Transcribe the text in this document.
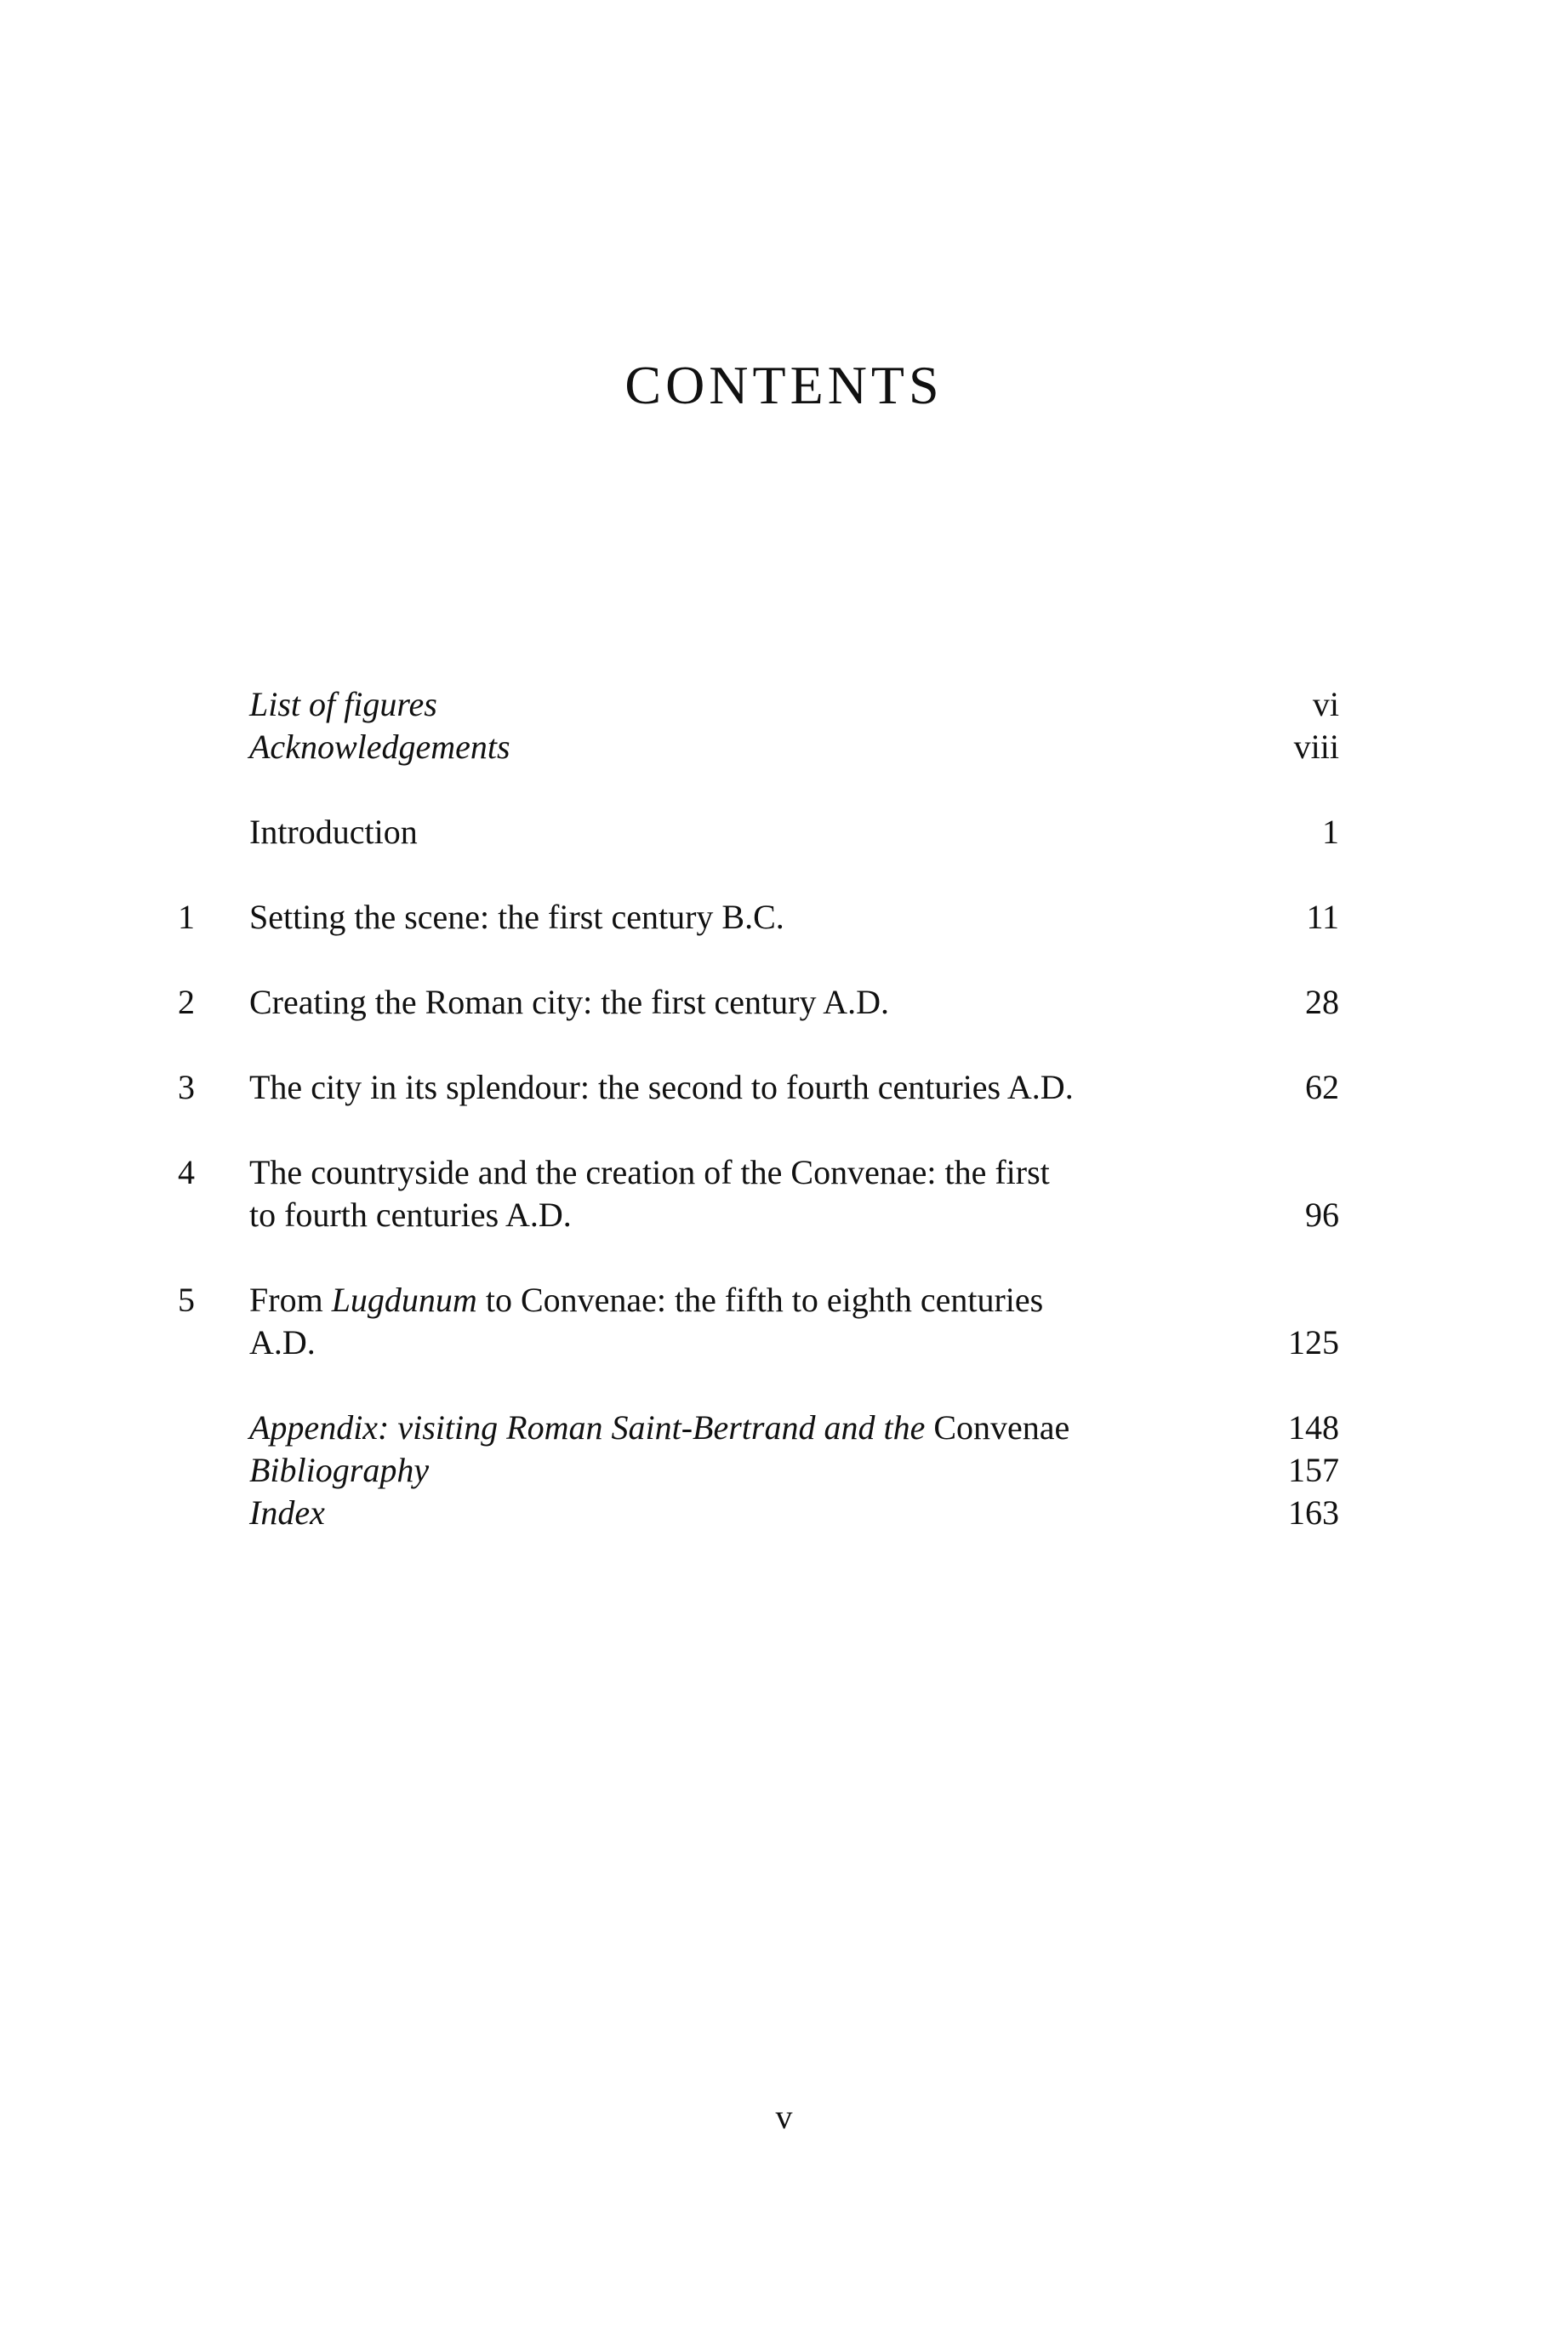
CONTENTS
List of figures	vi
Acknowledgements	viii
Introduction	1
1 Setting the scene: the first century B.C.	11
2 Creating the Roman city: the first century A.D.	28
3 The city in its splendour: the second to fourth centuries A.D.	62
4 The countryside and the creation of the Convenae: the first
to fourth centuries A.D.	96
5 From Lugdunum to Convenae: the fifth to eighth centuries
A.D.	125
Appendix: visiting Roman Saint-Bertrand and the Convenae	148
Bibliography	157
Index	163
v
